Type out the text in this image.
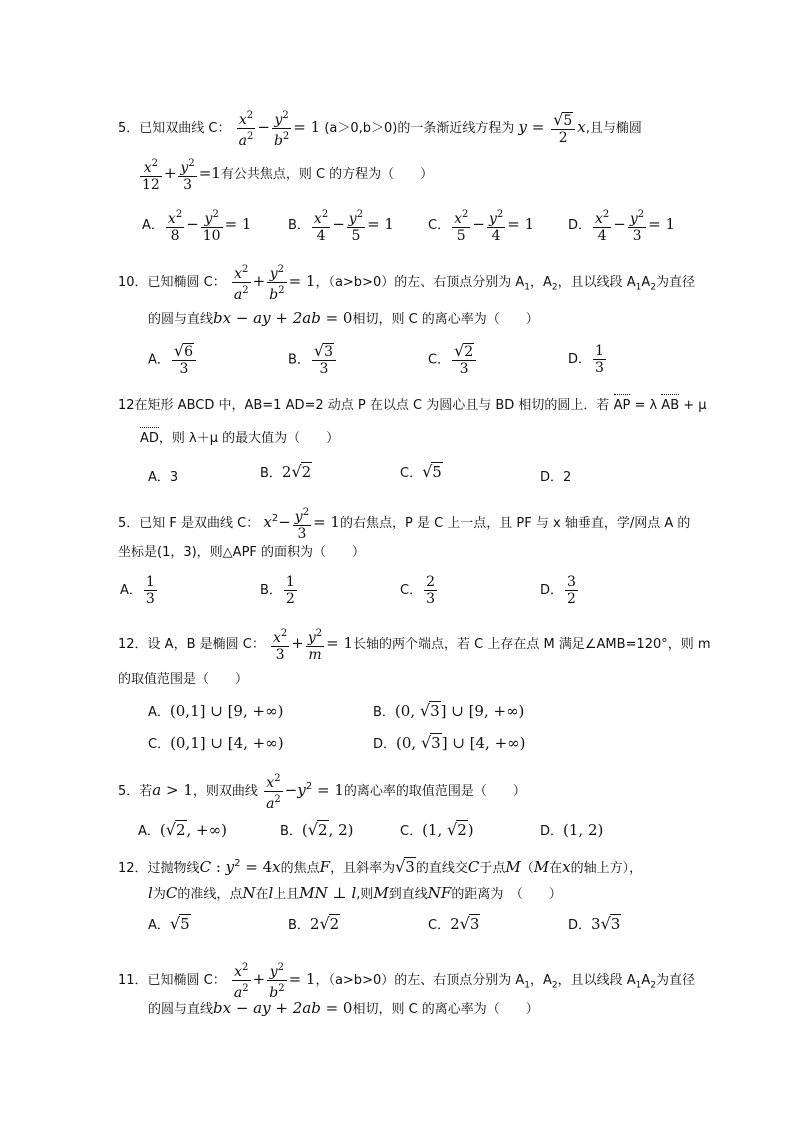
5．已知双曲线 C： $\frac{x^2}{a^2} - \frac{y^2}{b^2} = 1$ (a＞0,b＞0)的一条渐近线方程为 $y = \frac{√5}{2} x$,且与椭圆
$\frac{x^2}{12} + \frac{y^2}{3} =1$有公共焦点，则 C 的方程为（　　）
A． $\frac{x^2}{8} - \frac{y^2}{10} = 1$	B． $\frac{x^2}{4} - \frac{y^2}{5} = 1$	C． $\frac{x^2}{5} - \frac{y^2}{4} = 1$	D． $\frac{x^2}{4} - \frac{y^2}{3} = 1$
10．已知椭圆 C： $\frac{x^2}{a^2} + \frac{y^2}{b^2} = 1$，（a>b>0）的左、右顶点分别为 $A_1$，$A_2$，且以线段 $A_1A_2$为直径
的圆与直线bx − ay + 2ab = 0相切，则 C 的离心率为（　　）
A． $\frac{√6}{3}$	B． $\frac{√3}{3}$	C． $\frac{√2}{3}$	D． $\frac{1}{3}$
12在矩形 ABCD 中，AB=1 AD=2 动点 P 在以点 C 为圆心且与 BD 相切的圆上．若 AP = λ AB + μ
AD，则 λ＋μ 的最大值为（　　）
A．3	B．2√2	C．√5	D．2
5．已知 F 是双曲线 C： $x^2- \frac{y^2}{3} = 1$的右焦点，P 是 C 上一点，且 PF 与 x 轴垂直，学/网点 A 的
坐标是(1，3)，则△APF 的面积为（　　）
A． $\frac{1}{3}$	B． $\frac{1}{2}$	C． $\frac{2}{3}$	D． $\frac{3}{2}$
12．设 A，B 是椭圆 C： $\frac{x^2}{3} + \frac{y^2}{m} = 1$长轴的两个端点，若 C 上存在点 M 满足∠AMB=120°，则 m
的取值范围是（　　）
A．(0,1] ∪ [9, +∞)	B．(0, √3] ∪ [9, +∞)
C．(0,1] ∪ [4, +∞)	D．(0, √3] ∪ [4, +∞)
5．若a > 1，则双曲线 $\frac{x^2}{a^2} -y^2 = 1$的离心率的取值范围是（　　）
A．(√2, +∞)	B．(√2, 2)	C．(1, √2)	D．(1, 2)
12．过抛物线C : $y^2 = 4x$的焦点F，且斜率为√3的直线交C于点M（M在x的轴上方），
l为C的准线，点N在l上且MN ⊥ l,则M到直线NF的距离为　（　　）
A．√5	B．2√2	C．2√3	D．3√3
11．已知椭圆 C： $\frac{x^2}{a^2} + \frac{y^2}{b^2} = 1$，（a>b>0）的左、右顶点分别为 $A_1$，$A_2$，且以线段 $A_1A_2$为直径
的圆与直线bx − ay + 2ab = 0相切，则 C 的离心率为（　　）
